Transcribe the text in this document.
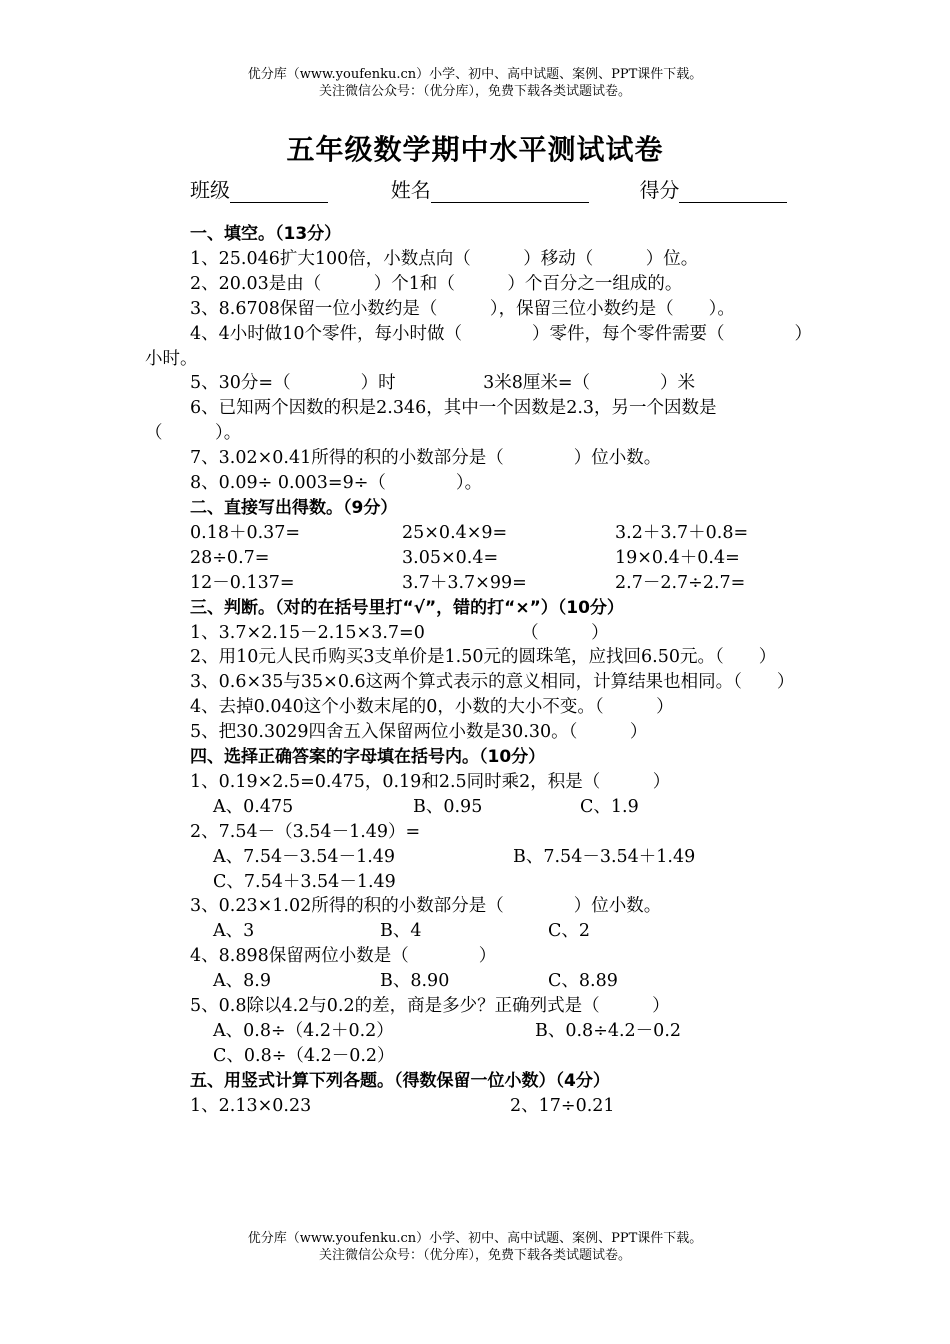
优分库（www.youfenku.cn）小学、初中、高中试题、案例、PPT课件下载。
关注微信公众号：（优分库），免费下载各类试题试卷。
五年级数学期中水平测试试卷
班级	姓名	得分

一、填空。（13分）

1、25.046扩大100倍，小数点向（　　　）移动（　　　）位。

2、20.03是由（　　　）个1和（　　　）个百分之一组成的。

3、8.6708保留一位小数约是（　　　），保留三位小数约是（　　）。

4、4小时做10个零件，每小时做（　　　　）零件，每个零件需要（　　　　）小时。

5、30分=（　　　　）时　　　　　3米8厘米=（　　　　）米

6、已知两个因数的积是2.346，其中一个因数是2.3，另一个因数是（　　　）。

7、3.02×0.41所得的积的小数部分是（　　　　）位小数。

8、0.09÷ 0.003=9÷（　　　　）。

二、直接写出得数。（9分）

0.18＋0.37=	25×0.4×9=	3.2＋3.7＋0.8=
28÷0.7=	3.05×0.4=	19×0.4＋0.4=
12－0.137=	3.7＋3.7×99=	2.7－2.7÷2.7=

三、判断。（对的在括号里打“√”，错的打“×”）（10分）

1、3.7×2.15－2.15×3.7=0　　　　　　（　　　）

2、用10元人民币购买3支单价是1.50元的圆珠笔，应找回6.50元。（　　）

3、0.6×35与35×0.6这两个算式表示的意义相同，计算结果也相同。（　　）

4、去掉0.040这个小数末尾的0，小数的大小不变。（　　　）

5、把30.3029四舍五入保留两位小数是30.30。（　　　）

四、选择正确答案的字母填在括号内。（10分）

1、0.19×2.5=0.475，0.19和2.5同时乘2，积是（　　　）

A、0.475	B、0.95	C、1.9

2、7.54－（3.54－1.49）=

A、7.54－3.54－1.49	B、7.54－3.54＋1.49
C、7.54＋3.54－1.49

3、0.23×1.02所得的积的小数部分是（　　　　）位小数。

A、3	B、4	C、2

4、8.898保留两位小数是（　　　　）

A、8.9	B、8.90	C、8.89

5、0.8除以4.2与0.2的差，商是多少？正确列式是（　　　）

A、0.8÷（4.2＋0.2）	B、0.8÷4.2－0.2
C、0.8÷（4.2－0.2）

五、用竖式计算下列各题。（得数保留一位小数）（4分）

1、2.13×0.23	2、17÷0.21
优分库（www.youfenku.cn）小学、初中、高中试题、案例、PPT课件下载。
关注微信公众号：（优分库），免费下载各类试题试卷。
